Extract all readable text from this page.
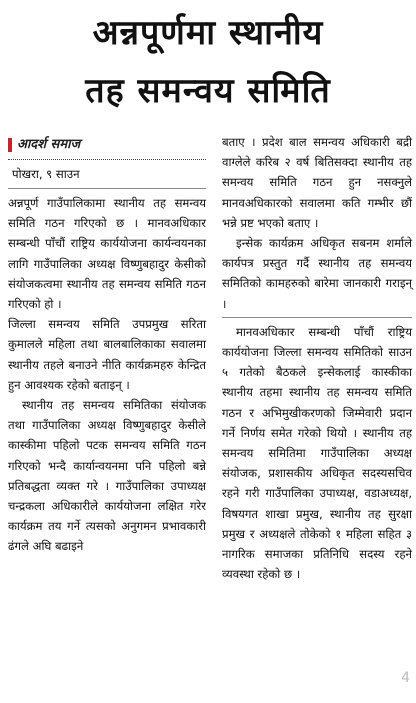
अन्नपूर्णमा स्थानीय
तह समन्वय समिति
आदर्श समाज
पोखरा, ९ साउन

अन्नपूर्ण गाउँपालिकामा स्थानीय तह समन्वय समिति गठन गरिएको छ । मानवअधिकार सम्बन्धी पाँचौं राष्ट्रिय कार्ययोजना कार्यन्वयनका लागि गाउँपालिका अध्यक्ष विष्णुबहादुर केसीको संयोजकत्वमा स्थानीय तह समन्वय समिति गठन गरिएको हो ।

जिल्ला समन्वय समिति उपप्रमुख सरिता कुमालले महिला तथा बालबालिकाका सवालमा स्थानीय तहले बनाउने नीति कार्यक्रमहरु केन्द्रित हुन आवश्यक रहेको बताइन् ।

स्थानीय तह समन्वय समितिका संयोजक तथा गाउँपालिका अध्यक्ष विष्णुबहादुर केसीले कास्कीमा पहिलो पटक समन्वय समिति गठन गरिएको भन्दै कार्यान्वयनमा पनि पहिलो बन्ने प्रतिबद्धता व्यक्त गरे । गाउँपालिका उपाध्यक्ष चन्द्रकला अधिकारीले कार्ययोजना लक्षित गरेर कार्यक्रम तय गर्ने त्यसको अनुगमन प्रभावकारी ढंगले अघि बढाइने

बताए । प्रदेश बाल समन्वय अधिकारी बद्री वाग्लेले करिब २ वर्ष बितिसक्दा स्थानीय तह समन्वय समिति गठन हुन नसक्नुले मानवअधिकारको सवालमा कति गम्भीर छौं भन्ने प्रष्ट भएको बताए ।

इन्सेक कार्यक्रम अधिकृत सबनम शर्माले कार्यपत्र प्रस्तुत गर्दै स्थानीय तह समन्वय समितिको कामहरुको बारेमा जानकारी गराइन् ।

मानवअधिकार सम्बन्धी पाँचौं राष्ट्रिय कार्ययोजना जिल्ला समन्वय समितिको साउन ५ गतेको बैठकले इन्सेकलाई कास्कीका स्थानीय तहमा स्थानीय तह समन्वय समिति गठन र अभिमुखीकरणको जिम्मेवारी प्रदान गर्ने निर्णय समेत गरेको थियो । स्थानीय तह समन्वय समितिमा गाउँपालिका अध्यक्ष संयोजक, प्रशासकीय अधिकृत सदस्यसचिव रहने गरी गाउँपालिका उपाध्यक्ष, वडाअध्यक्ष, विषयगत शाखा प्रमुख, स्थानीय तह सुरक्षा प्रमुख र अध्यक्षले तोकेको १ महिला सहित ३ नागरिक समाजका प्रतिनिधि सदस्य रहने व्यवस्था रहेको छ ।

4
